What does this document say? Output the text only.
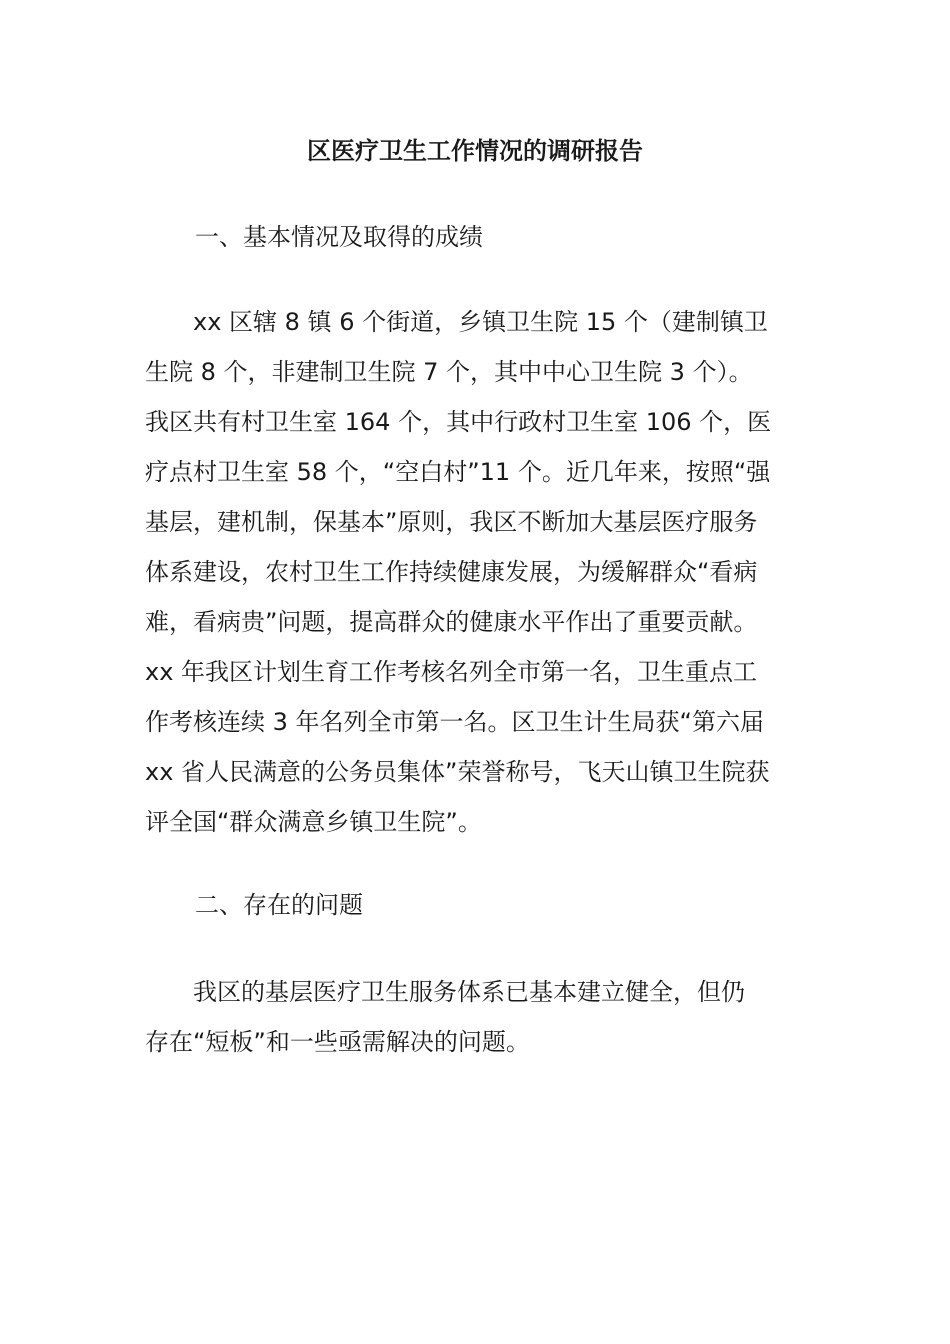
区医疗卫生工作情况的调研报告
一、基本情况及取得的成绩
　　xx 区辖 8 镇 6 个街道，乡镇卫生院 15 个（建制镇卫
生院 8 个，非建制卫生院 7 个，其中中心卫生院 3 个）。
我区共有村卫生室 164 个，其中行政村卫生室 106 个，医
疗点村卫生室 58 个，“空白村”11 个。近几年来，按照“强
基层，建机制，保基本”原则，我区不断加大基层医疗服务
体系建设，农村卫生工作持续健康发展，为缓解群众“看病
难，看病贵”问题，提高群众的健康水平作出了重要贡献。
xx 年我区计划生育工作考核名列全市第一名，卫生重点工
作考核连续 3 年名列全市第一名。区卫生计生局获“第六届
xx 省人民满意的公务员集体”荣誉称号，飞天山镇卫生院获
评全国“群众满意乡镇卫生院”。
二、存在的问题
　　我区的基层医疗卫生服务体系已基本建立健全，但仍
存在“短板”和一些亟需解决的问题。
